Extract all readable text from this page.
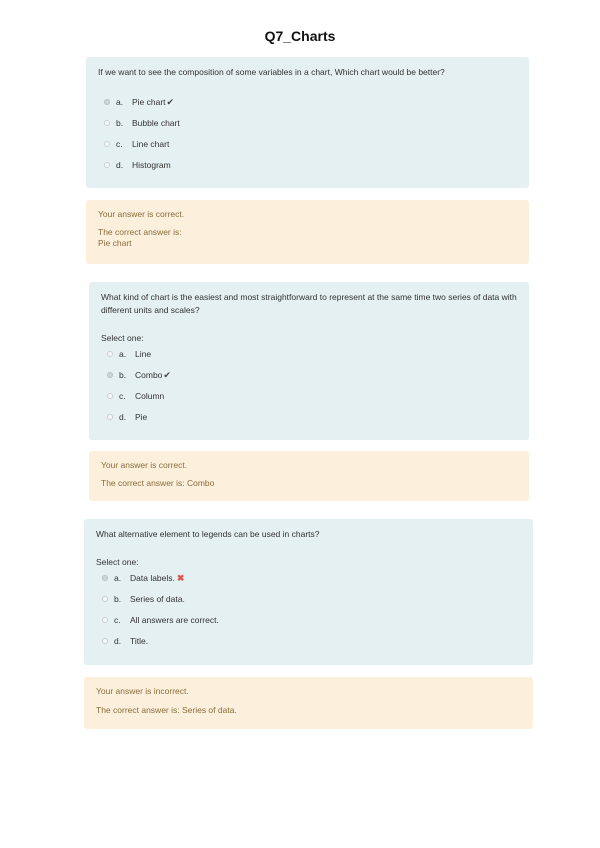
Q7_Charts
If we want to see the composition of some variables in a chart, Which chart would be better?
a.	Pie chart ✔
b.	Bubble chart
c.	Line chart
d.	Histogram
Your answer is correct.
The correct answer is:
Pie chart
What kind of chart is the easiest and most straightforward to represent at the same time two series of data with different units and scales?
Select one:
a.	Line
b.	Combo ✔
c.	Column
d.	Pie
Your answer is correct.
The correct answer is: Combo
What alternative element to legends can be used in charts?
Select one:
a.	Data labels. ✖
b.	Series of data.
c.	All answers are correct.
d.	Title.
Your answer is incorrect.
The correct answer is: Series of data.
